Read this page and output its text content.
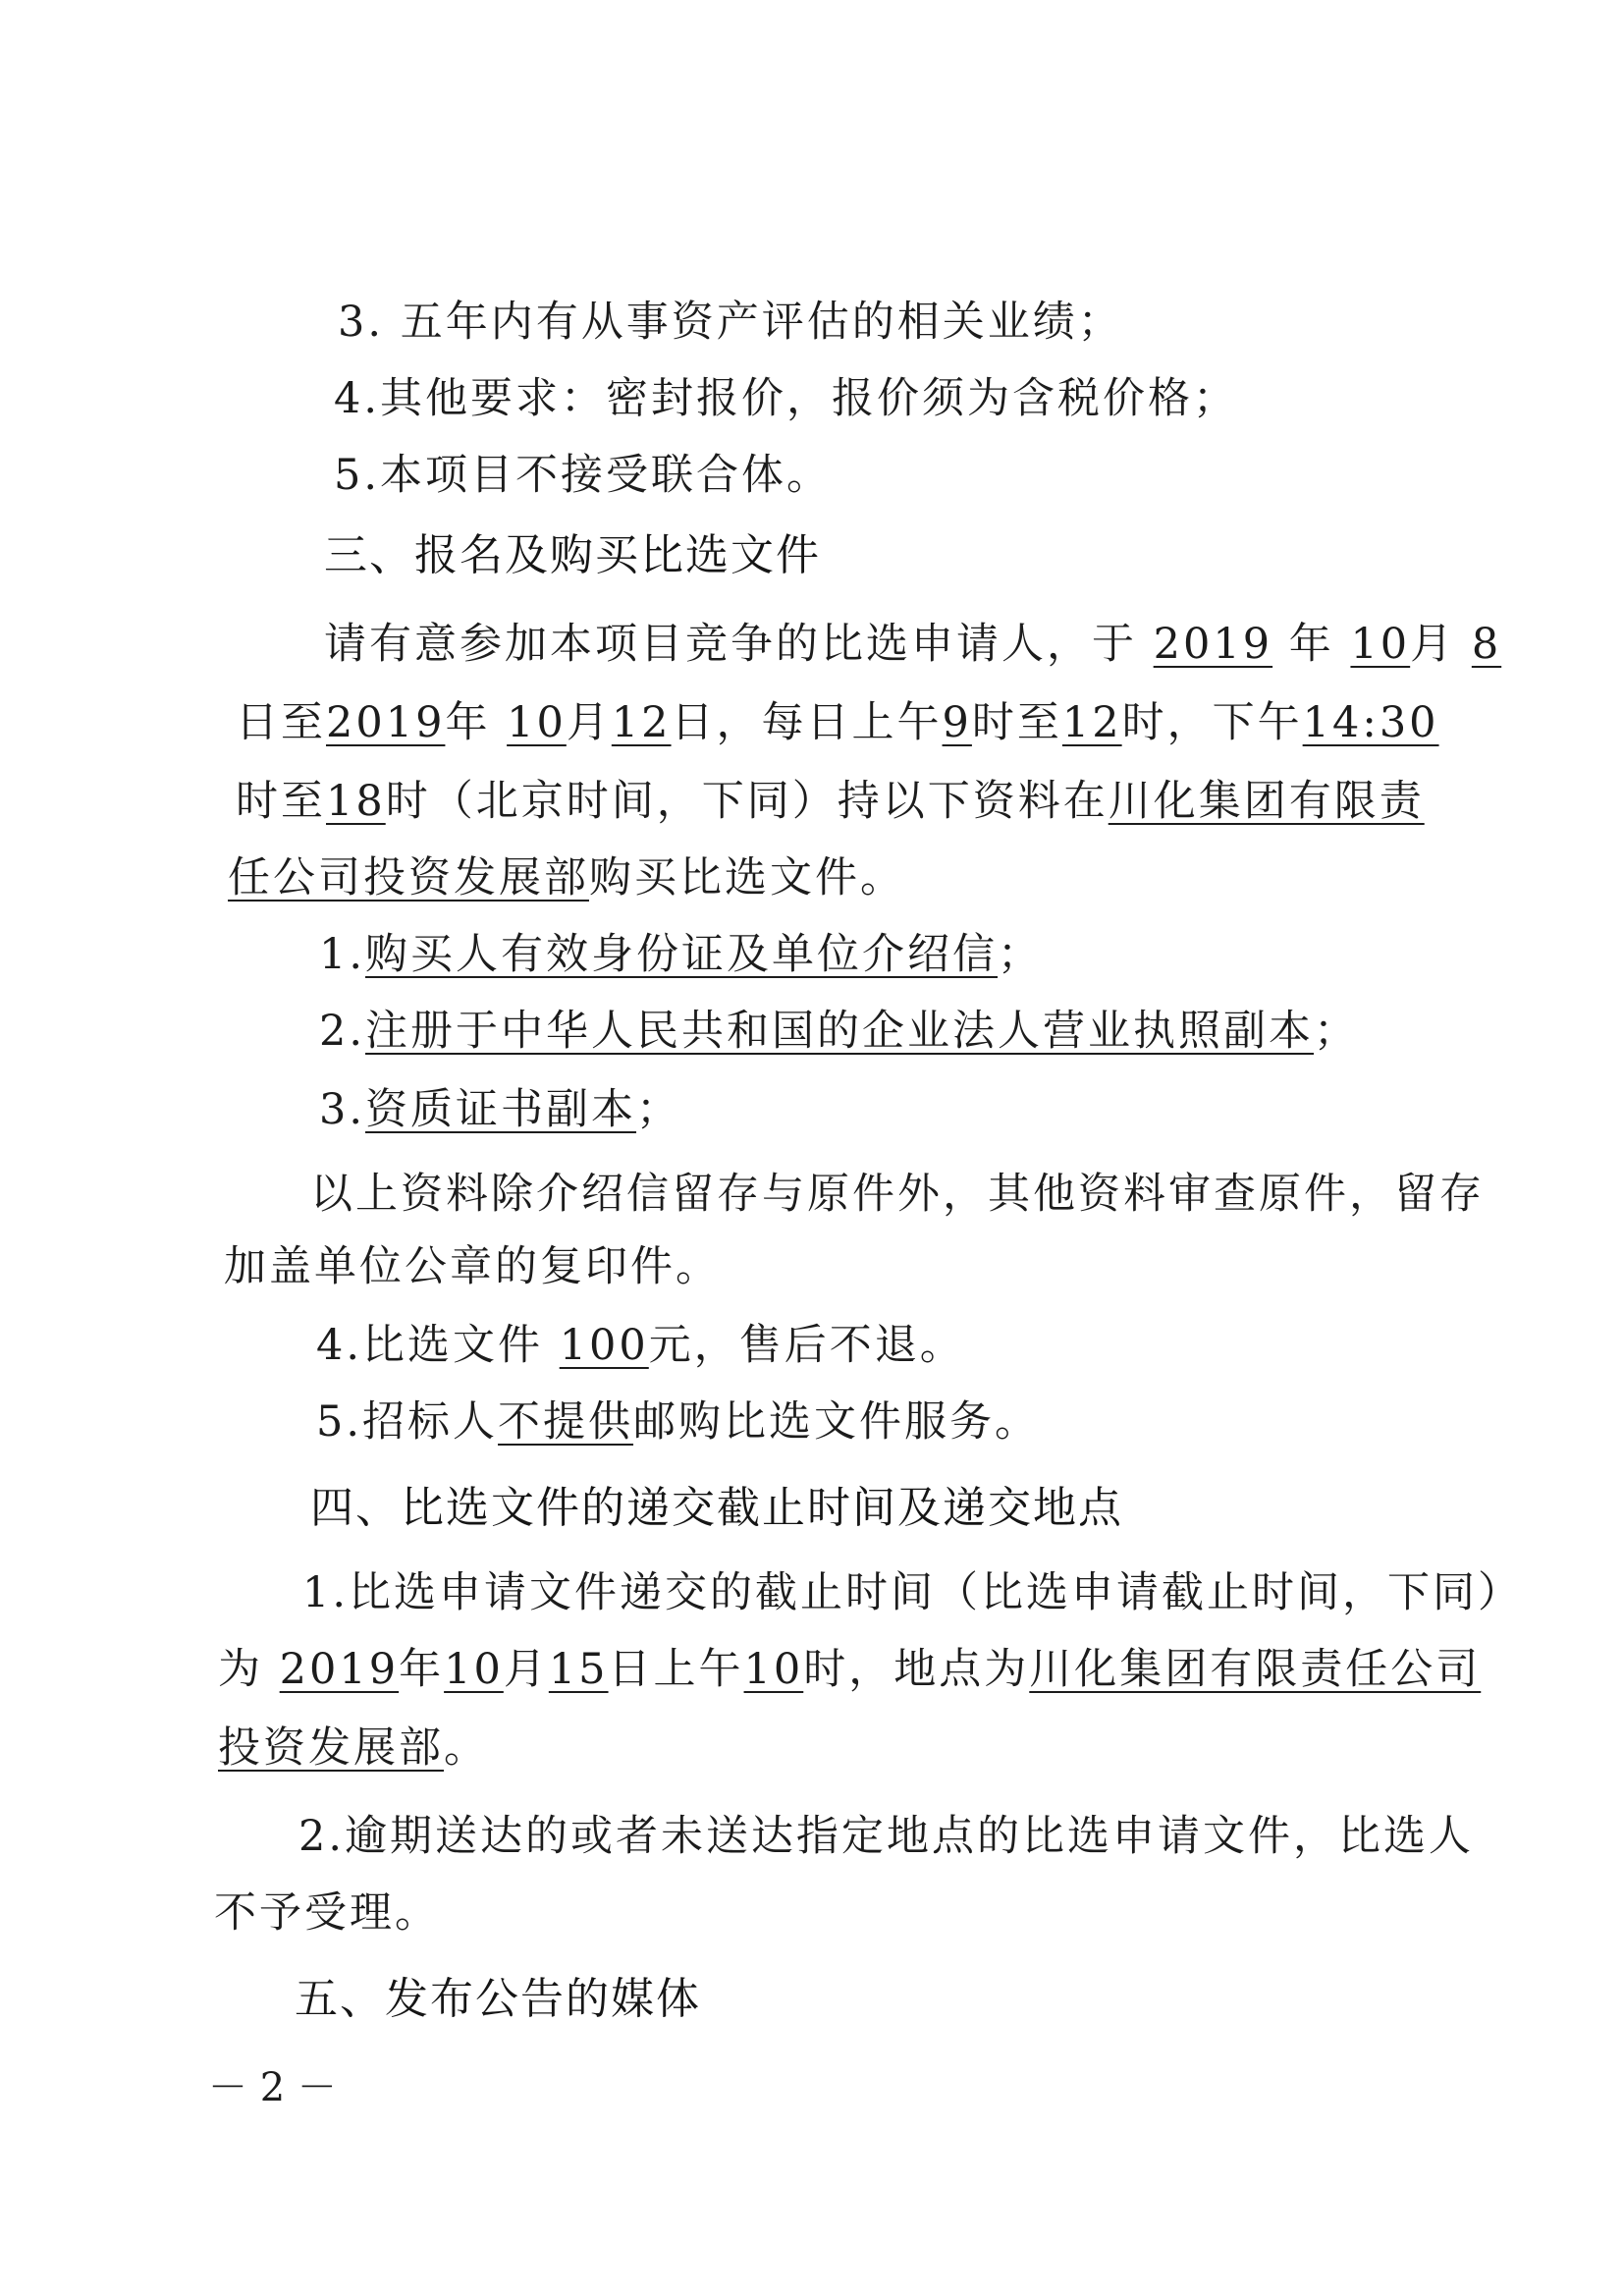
3. 五年内有从事资产评估的相关业绩；
4.其他要求：密封报价，报价须为含税价格；
5.本项目不接受联合体。
三、报名及购买比选文件
请有意参加本项目竞争的比选申请人，于 2019 年 10月 8
日至2019年 10月12日，每日上午9时至12时，下午14:30
时至18时（北京时间，下同）持以下资料在川化集团有限责
任公司投资发展部购买比选文件。
1.购买人有效身份证及单位介绍信；
2.注册于中华人民共和国的企业法人营业执照副本；
3.资质证书副本；
以上资料除介绍信留存与原件外，其他资料审查原件，留存
加盖单位公章的复印件。
4.比选文件 100元，售后不退。
5.招标人不提供邮购比选文件服务。
四、比选文件的递交截止时间及递交地点
1.比选申请文件递交的截止时间（比选申请截止时间，下同）
为 2019年10月15日上午10时，地点为川化集团有限责任公司
投资发展部。
2.逾期送达的或者未送达指定地点的比选申请文件，比选人
不予受理。
五、发布公告的媒体
－ 2 －
